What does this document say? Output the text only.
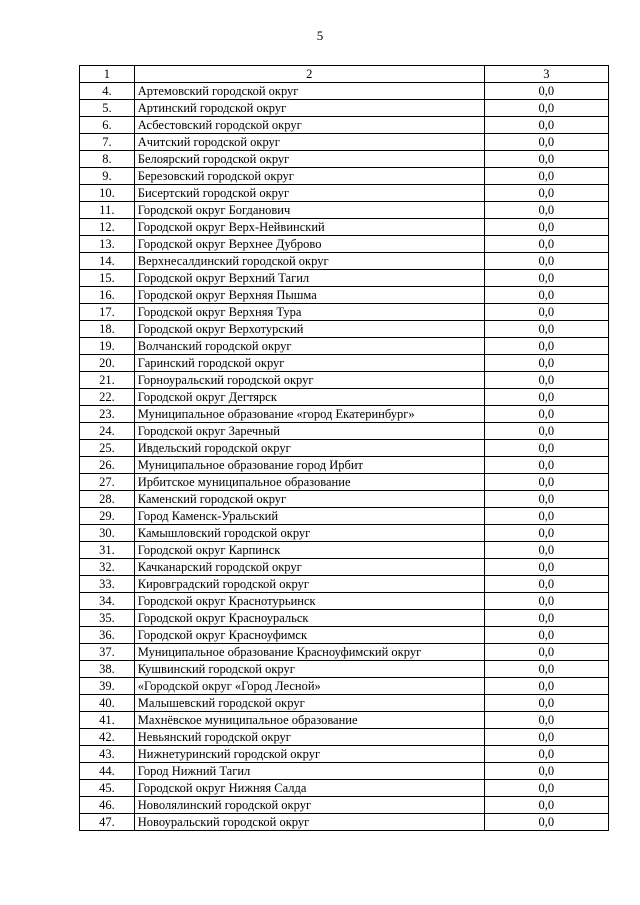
5
1	2	3
4.	Артемовский городской округ	0,0
5.	Артинский городской округ	0,0
6.	Асбестовский городской округ	0,0
7.	Ачитский городской округ	0,0
8.	Белоярский городской округ	0,0
9.	Березовский городской округ	0,0
10.	Бисертский городской округ	0,0
11.	Городской округ Богданович	0,0
12.	Городской округ Верх-Нейвинский	0,0
13.	Городской округ Верхнее Дуброво	0,0
14.	Верхнесалдинский городской округ	0,0
15.	Городской округ Верхний Тагил	0,0
16.	Городской округ Верхняя Пышма	0,0
17.	Городской округ Верхняя Тура	0,0
18.	Городской округ Верхотурский	0,0
19.	Волчанский городской округ	0,0
20.	Гаринский городской округ	0,0
21.	Горноуральский городской округ	0,0
22.	Городской округ Дегтярск	0,0
23.	Муниципальное образование «город Екатеринбург»	0,0
24.	Городской округ Заречный	0,0
25.	Ивдельский городской округ	0,0
26.	Муниципальное образование город Ирбит	0,0
27.	Ирбитское муниципальное образование	0,0
28.	Каменский городской округ	0,0
29.	Город Каменск-Уральский	0,0
30.	Камышловский городской округ	0,0
31.	Городской округ Карпинск	0,0
32.	Качканарский городской округ	0,0
33.	Кировградский городской округ	0,0
34.	Городской округ Краснотурьинск	0,0
35.	Городской округ Красноуральск	0,0
36.	Городской округ Красноуфимск	0,0
37.	Муниципальное образование Красноуфимский округ	0,0
38.	Кушвинский городской округ	0,0
39.	«Городской округ «Город Лесной»	0,0
40.	Малышевский городской округ	0,0
41.	Махнёвское муниципальное образование	0,0
42.	Невьянский городской округ	0,0
43.	Нижнетуринский городской округ	0,0
44.	Город Нижний Тагил	0,0
45.	Городской округ Нижняя Салда	0,0
46.	Новолялинский городской округ	0,0
47.	Новоуральский городской округ	0,0
